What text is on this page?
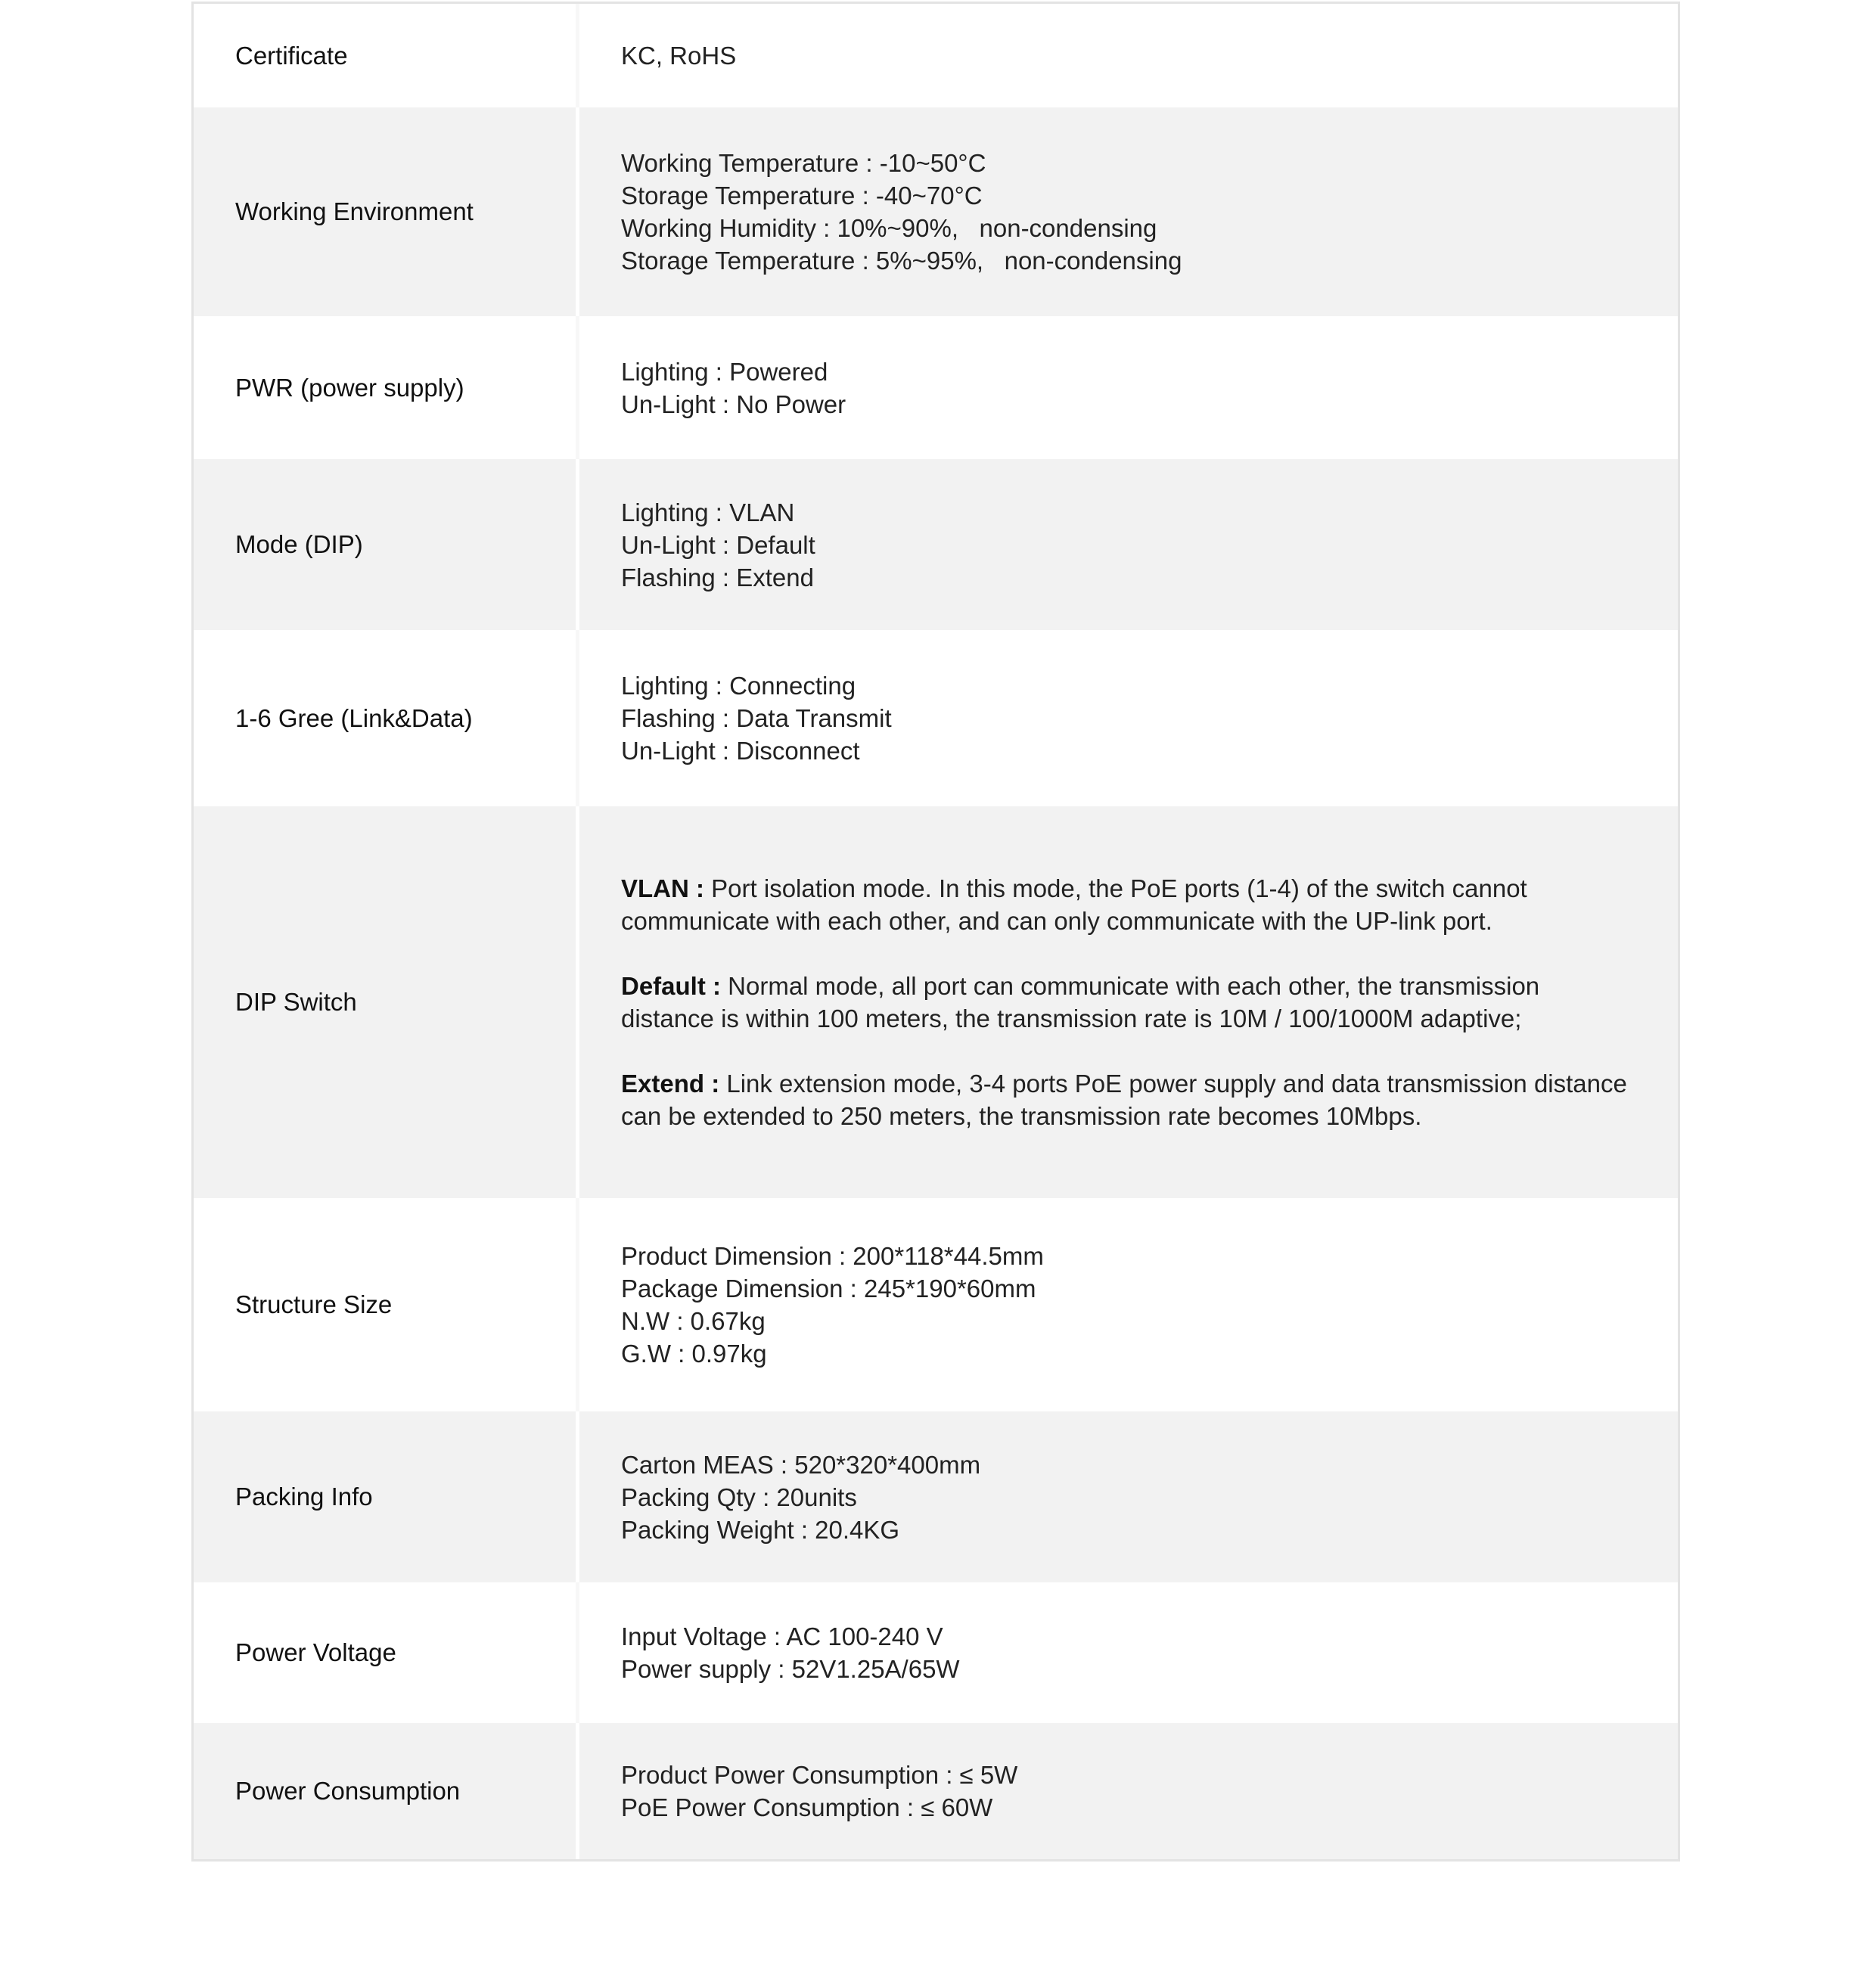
Certificate	KC, RoHS
Working Environment
Working Temperature : -10~50°C
Storage Temperature : -40~70°C
Working Humidity : 10%~90%,   non-condensing
Storage Temperature : 5%~95%,   non-condensing
PWR (power supply)
Lighting : Powered
Un-Light : No Power
Mode (DIP)
Lighting : VLAN
Un-Light : Default
Flashing : Extend
1-6 Gree (Link&Data)
Lighting : Connecting
Flashing : Data Transmit
Un-Light : Disconnect
DIP Switch
VLAN : Port isolation mode. In this mode, the PoE ports (1-4) of the switch cannot communicate with each other, and can only communicate with the UP-link port.
Default : Normal mode, all port can communicate with each other, the transmission distance is within 100 meters, the transmission rate is 10M / 100/1000M adaptive;
Extend : Link extension mode, 3-4 ports PoE power supply and data transmission distance can be extended to 250 meters, the transmission rate becomes 10Mbps.
Structure Size
Product Dimension : 200*118*44.5mm
Package Dimension : 245*190*60mm
N.W : 0.67kg
G.W : 0.97kg
Packing Info
Carton MEAS : 520*320*400mm
Packing Qty : 20units
Packing Weight : 20.4KG
Power Voltage
Input Voltage : AC 100-240 V
Power supply : 52V1.25A/65W
Power Consumption
Product Power Consumption : ≤ 5W
PoE Power Consumption : ≤ 60W
